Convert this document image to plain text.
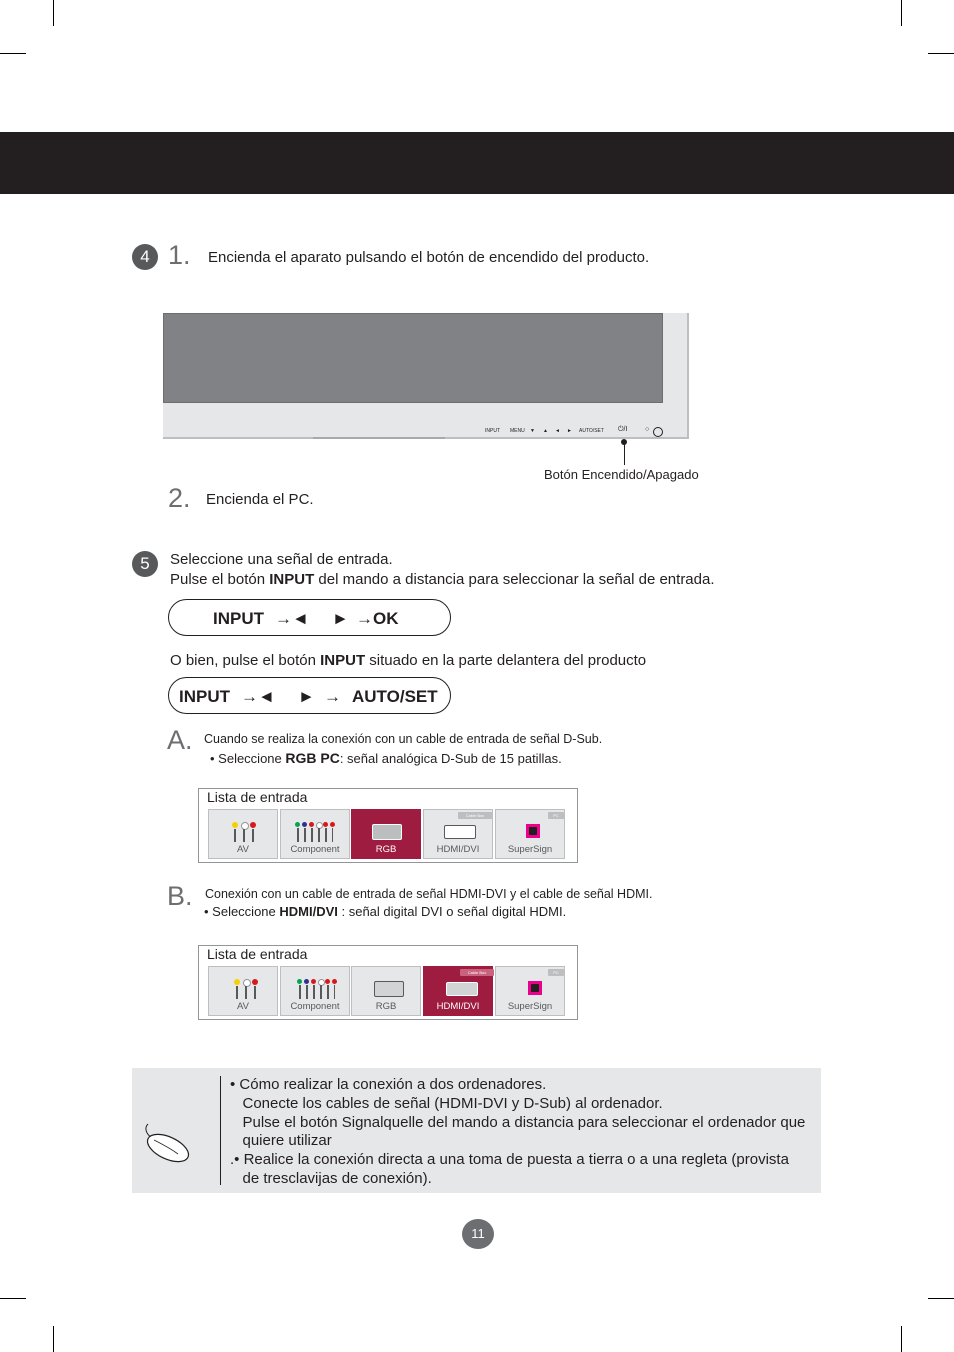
4 1. Encienda el aparato pulsando el botón de encendido del producto.
INPUT MENU ▼ ▲ ◄ ► AUTO/SET ⏻/I	○
Botón Encendido/Apagado
2. Encienda el PC.
5	Seleccione una señal de entrada.
Pulse el botón INPUT del mando a distancia para seleccionar la señal de entrada.
INPUT →◄ ► →OK
O bien, pulse el botón INPUT situado en la parte delantera del producto
INPUT →◄ ► → AUTO/SET
A. Cuando se realiza la conexión con un cable de entrada de señal D-Sub.
• Seleccione RGB PC: señal analógica D-Sub de 15 patillas.
Lista de entrada
AV	Component	RGB
Cable Box
HDMI/DVI
PC
SuperSign
B. Conexión con un cable de entrada de señal HDMI-DVI y el cable de señal HDMI.
• Seleccione HDMI/DVI : señal digital DVI o señal digital HDMI.
Lista de entrada
AV	Component	RGB
Cable Box
HDMI/DVI
PC
SuperSign
• Cómo realizar la conexión a dos ordenadores.
Conecte los cables de señal (HDMI-DVI y D-Sub) al ordenador.
Pulse el botón Signalquelle del mando a distancia para seleccionar el ordenador que
quiere utilizar
.• Realice la conexión directa a una toma de puesta a tierra o a una regleta (provista
de tresclavijas de conexión).
11
